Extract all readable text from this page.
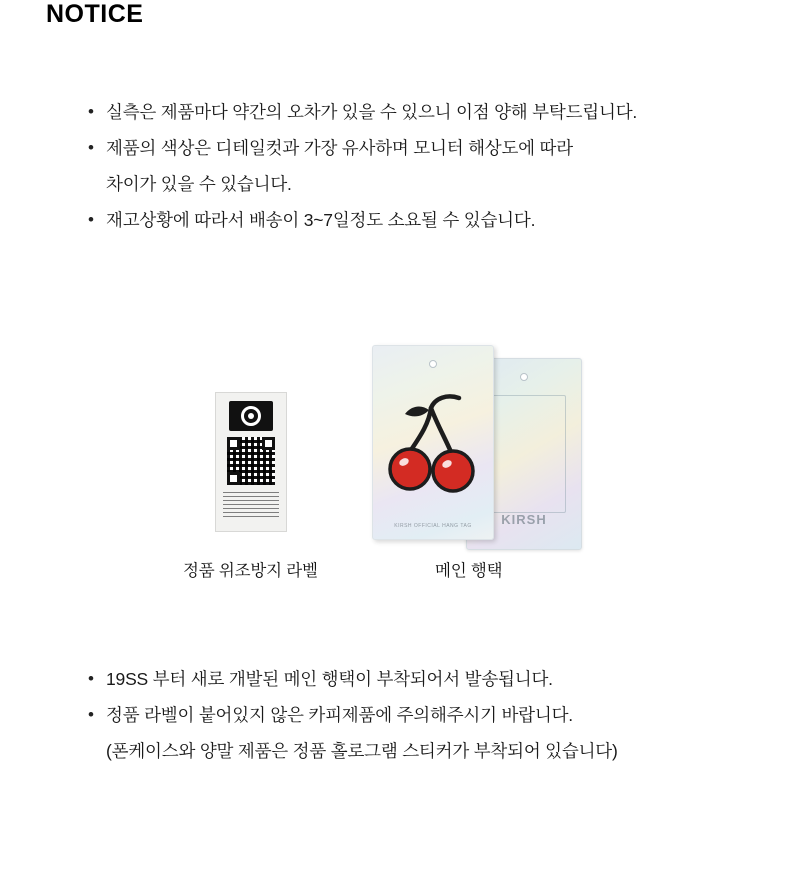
NOTICE
• 실측은 제품마다 약간의 오차가 있을 수 있으니 이점 양해 부탁드립니다.
• 제품의 색상은 디테일컷과 가장 유사하며 모니터 해상도에 따라
차이가 있을 수 있습니다.
• 재고상황에 따라서 배송이 3~7일정도 소요될 수 있습니다.
KIRSH
KIRSH OFFICIAL HANG TAG
정품 위조방지 라벨	메인 행택
• 19SS 부터 새로 개발된 메인 행택이 부착되어서 발송됩니다.
• 정품 라벨이 붙어있지 않은 카피제품에 주의해주시기 바랍니다.
(폰케이스와 양말 제품은 정품 홀로그램 스티커가 부착되어 있습니다)
